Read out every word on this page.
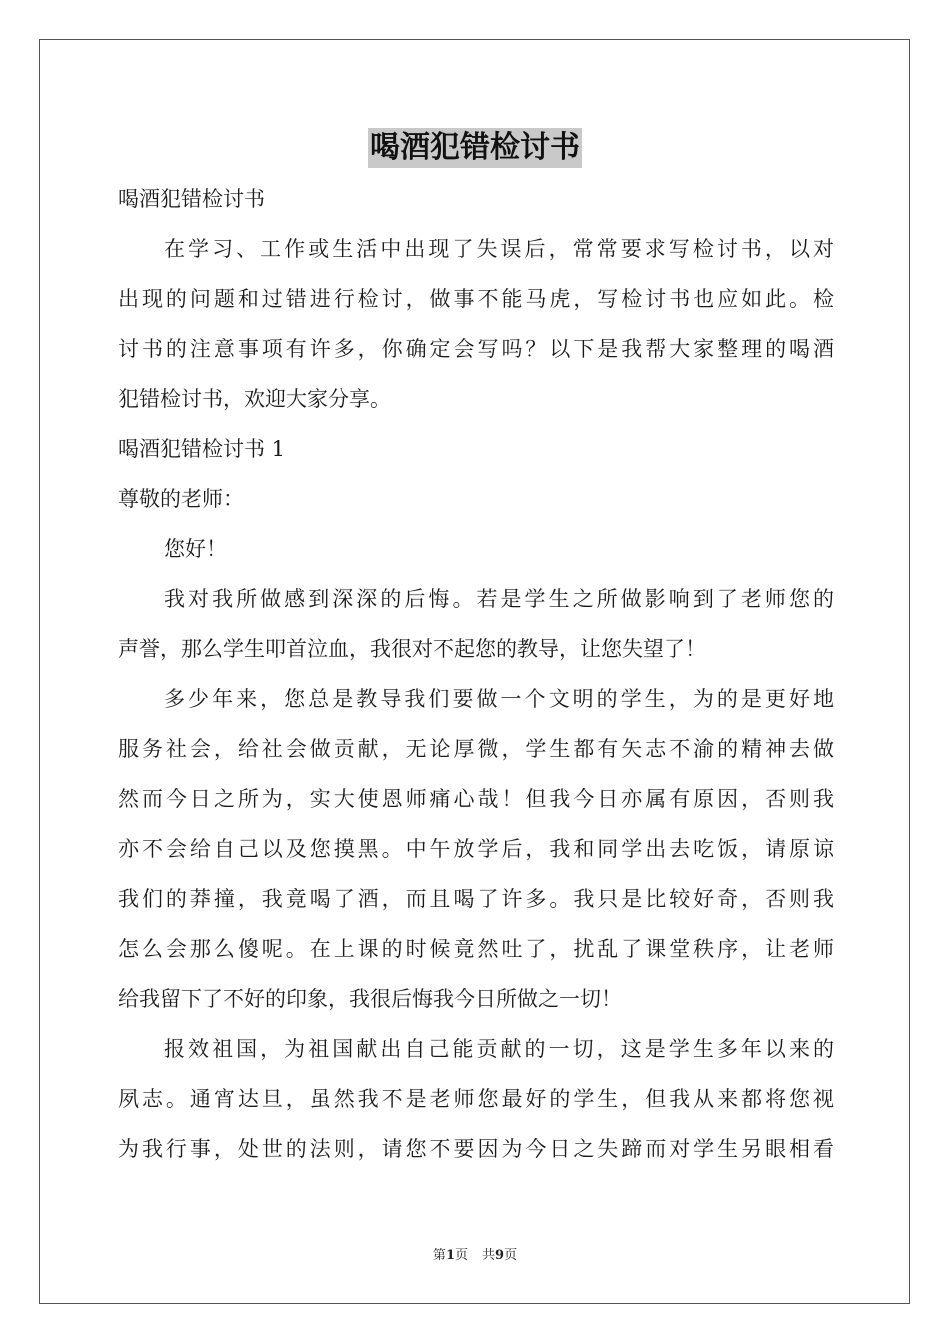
喝酒犯错检讨书
喝酒犯错检讨书
在学习、工作或生活中出现了失误后，常常要求写检讨书，以对
出现的问题和过错进行检讨，做事不能马虎，写检讨书也应如此。检
讨书的注意事项有许多，你确定会写吗？以下是我帮大家整理的喝酒
犯错检讨书，欢迎大家分享。
喝酒犯错检讨书 1
尊敬的老师：
您好！
我对我所做感到深深的后悔。若是学生之所做影响到了老师您的
声誉，那么学生叩首泣血，我很对不起您的教导，让您失望了！
多少年来，您总是教导我们要做一个文明的学生，为的是更好地
服务社会，给社会做贡献，无论厚微，学生都有矢志不渝的精神去做
然而今日之所为，实大使恩师痛心哉！但我今日亦属有原因，否则我
亦不会给自己以及您摸黑。中午放学后，我和同学出去吃饭，请原谅
我们的莽撞，我竟喝了酒，而且喝了许多。我只是比较好奇，否则我
怎么会那么傻呢。在上课的时候竟然吐了，扰乱了课堂秩序，让老师
给我留下了不好的印象，我很后悔我今日所做之一切！
报效祖国，为祖国献出自己能贡献的一切，这是学生多年以来的
夙志。通宵达旦，虽然我不是老师您最好的学生，但我从来都将您视
为我行事，处世的法则，请您不要因为今日之失蹄而对学生另眼相看
第1页 共9页
